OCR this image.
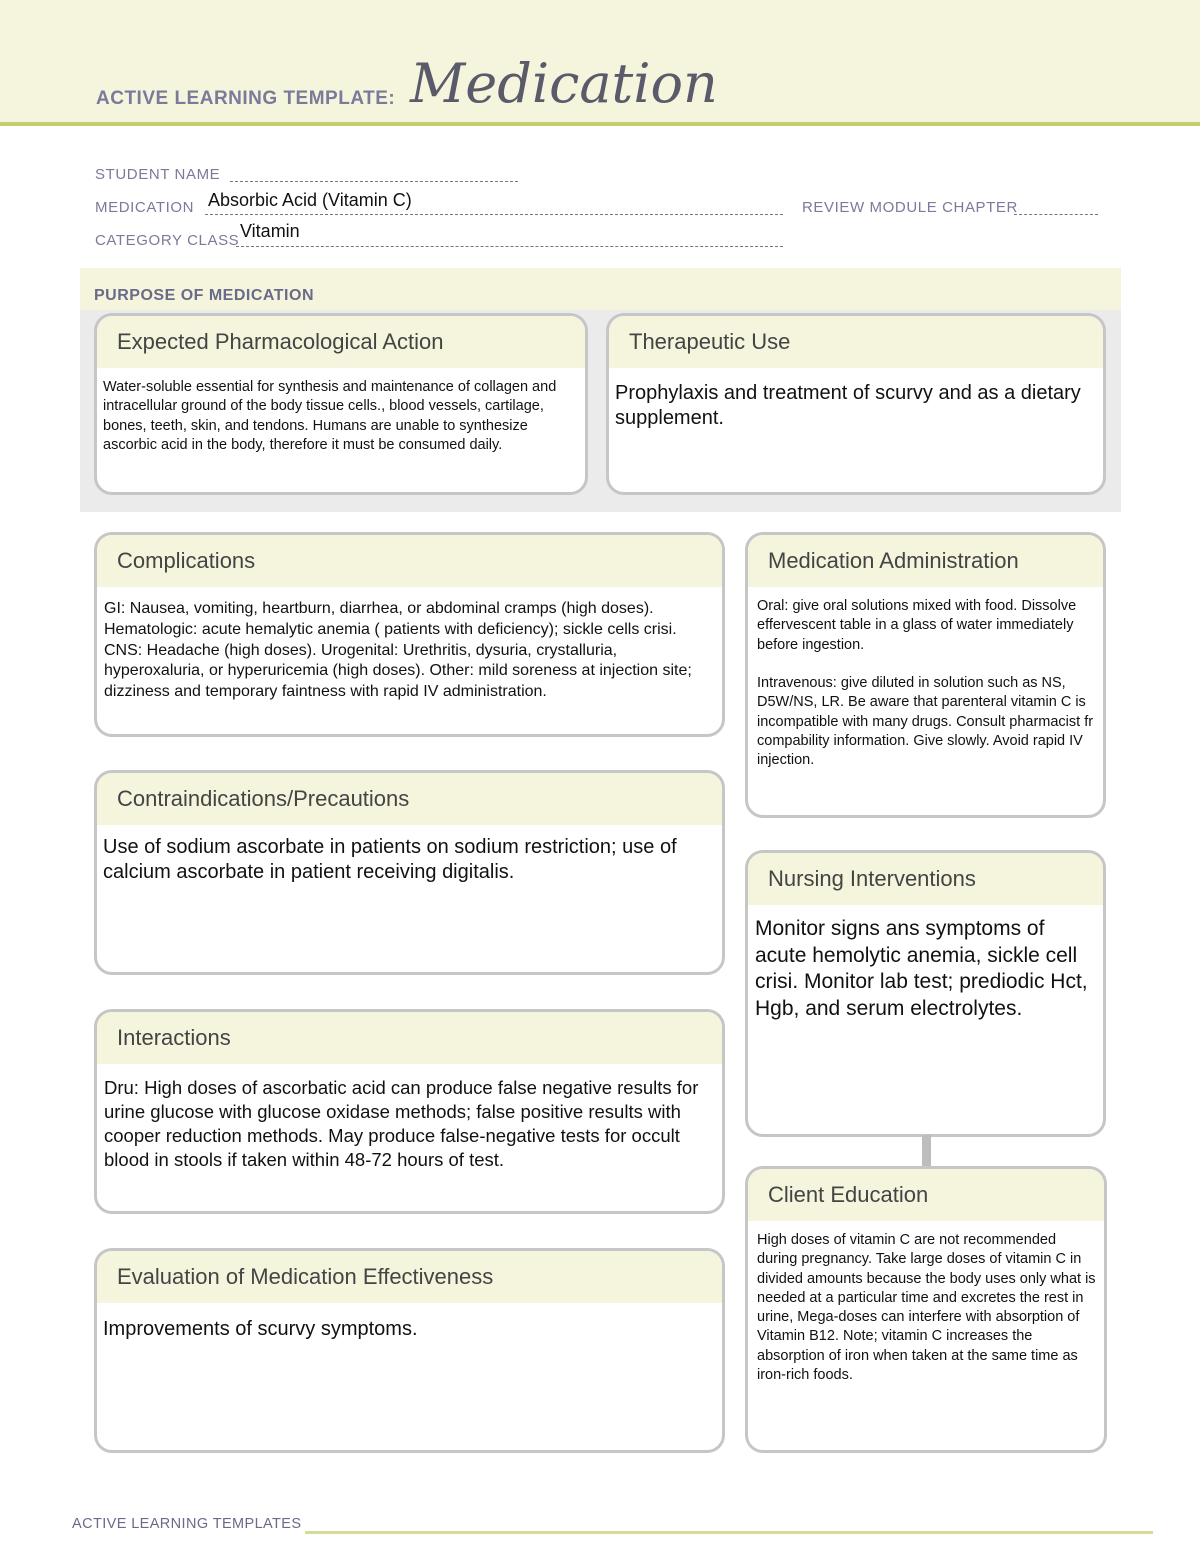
ACTIVE LEARNING TEMPLATE: Medication
STUDENT NAME
MEDICATION Absorbic Acid (Vitamin C)	REVIEW MODULE CHAPTER
CATEGORY CLASS Vitamin
PURPOSE OF MEDICATION
Expected Pharmacological Action
Water-soluble essential for synthesis and maintenance of collagen and intracellular ground of the body tissue cells., blood vessels, cartilage, bones, teeth, skin, and tendons. Humans are unable to synthesize ascorbic acid in the body, therefore it must be consumed daily.
Therapeutic Use
Prophylaxis and treatment of scurvy and as a dietary supplement.
Complications
GI: Nausea, vomiting, heartburn, diarrhea, or abdominal cramps (high doses). Hematologic: acute hemalytic anemia ( patients with deficiency); sickle cells crisi. CNS: Headache (high doses). Urogenital: Urethritis, dysuria, crystalluria, hyperoxaluria, or hyperuricemia (high doses). Other: mild soreness at injection site; dizziness and temporary faintness with rapid IV administration.
Contraindications/Precautions
Use of sodium ascorbate in patients on sodium restriction; use of calcium ascorbate in patient receiving digitalis.
Interactions
Dru: High doses of ascorbatic acid can produce false negative results for urine glucose with glucose oxidase methods; false positive results with cooper reduction methods. May produce false-negative tests for occult blood in stools if taken within 48-72 hours of test.
Evaluation of Medication Effectiveness
Improvements of scurvy symptoms.
Medication Administration
Oral: give oral solutions mixed with food. Dissolve effervescent table in a glass of water immediately before ingestion.

Intravenous: give diluted in solution such as NS, D5W/NS, LR. Be aware that parenteral vitamin C is incompatible with many drugs. Consult pharmacist fr compability information. Give slowly. Avoid rapid IV injection.
Nursing Interventions
Monitor signs ans symptoms of acute hemolytic anemia, sickle cell crisi. Monitor lab test; prediodic Hct, Hgb, and serum electrolytes.
Client Education
High doses of vitamin C are not recommended during pregnancy. Take large doses of vitamin C in divided amounts because the body uses only what is needed at a particular time and excretes the rest in urine, Mega-doses can interfere with absorption of Vitamin B12. Note; vitamin C increases the absorption of iron when taken at the same time as iron-rich foods.
ACTIVE LEARNING TEMPLATES
